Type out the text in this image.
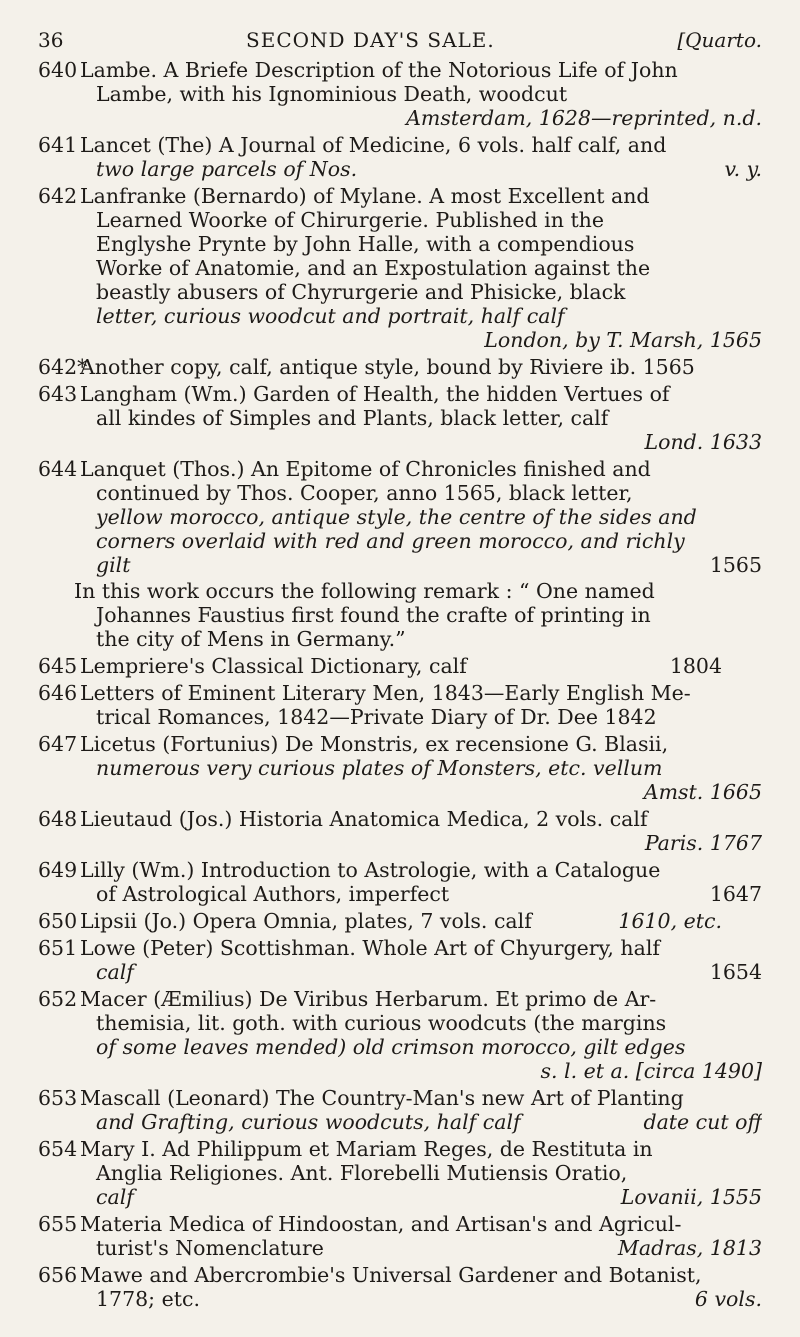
36	SECOND DAY'S SALE.	[Quarto.
640 Lambe. A Briefe Description of the Notorious Life of John
Lambe, with his Ignominious Death, woodcut
Amsterdam, 1628—reprinted, n.d.
641 Lancet (The) A Journal of Medicine, 6 vols. half calf, and
two large parcels of Nos.	v. y.
642 Lanfranke (Bernardo) of Mylane. A most Excellent and
Learned Woorke of Chirurgerie. Published in the
Englyshe Prynte by John Halle, with a compendious
Worke of Anatomie, and an Expostulation against the
beastly abusers of Chyrurgerie and Phisicke, black
letter, curious woodcut and portrait, half calf
London, by T. Marsh, 1565
642*Another copy, calf, antique style, bound by Riviere ib. 1565
643 Langham (Wm.) Garden of Health, the hidden Vertues of
all kindes of Simples and Plants, black letter, calf
Lond. 1633
644 Lanquet (Thos.) An Epitome of Chronicles finished and
continued by Thos. Cooper, anno 1565, black letter,
yellow morocco, antique style, the centre of the sides and
corners overlaid with red and green morocco, and richly
gilt	1565
In this work occurs the following remark : “ One named
Johannes Faustius first found the crafte of printing in
the city of Mens in Germany.”
645 Lempriere's Classical Dictionary, calf	1804
646 Letters of Eminent Literary Men, 1843—Early English Me-
trical Romances, 1842—Private Diary of Dr. Dee 1842
647 Licetus (Fortunius) De Monstris, ex recensione G. Blasii,
numerous very curious plates of Monsters, etc. vellum
Amst. 1665
648 Lieutaud (Jos.) Historia Anatomica Medica, 2 vols. calf
Paris. 1767
649 Lilly (Wm.) Introduction to Astrologie, with a Catalogue
of Astrological Authors, imperfect	1647
650 Lipsii (Jo.) Opera Omnia, plates, 7 vols. calf	1610, etc.
651 Lowe (Peter) Scottishman. Whole Art of Chyurgery, half
calf	1654
652 Macer (Æmilius) De Viribus Herbarum. Et primo de Ar-
themisia, lit. goth. with curious woodcuts (the margins
of some leaves mended) old crimson morocco, gilt edges
s. l. et a. [circa 1490]
653 Mascall (Leonard) The Country-Man's new Art of Planting
and Grafting, curious woodcuts, half calf	date cut off
654 Mary I. Ad Philippum et Mariam Reges, de Restituta in
Anglia Religiones. Ant. Florebelli Mutiensis Oratio,
calf	Lovanii, 1555
655 Materia Medica of Hindoostan, and Artisan's and Agricul-
turist's Nomenclature	Madras, 1813
656 Mawe and Abercrombie's Universal Gardener and Botanist,
1778; etc.	6 vols.
